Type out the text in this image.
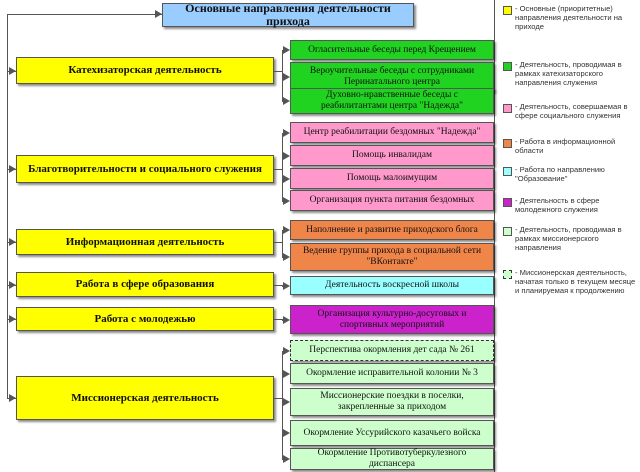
Основные направления деятельности прихода
Катехизаторская деятельность
Огласительные беседы перед Крещением
Вероучительные беседы с сотрудниками Перинатального центра
Духовно-нравственные беседы с реабилитантами центра "Надежда"
Благотворительности и социального служения
Центр реабилитации бездомных "Надежда"
Помощь инвалидам
Помощь малоимущим
Организация пункта питания бездомных
Информационная деятельность
Наполнение и развитие приходского блога
Ведение группы прихода в социальной сети "ВКонтакте"
Работа в сфере образования	Деятельность воскресной школы
Работа с молодежью	Организация культурно-досуговых и спортивных мероприятий
Миссионерская деятельность
Перспектива окормления дет сада № 261
Окормление исправительной колонии № 3
Миссионерские поездки в поселки, закрепленные за приходом
Окормление Уссурийского казачьего войска
Окормление Противотуберкулезного диспансера
- Основные (приоритетные) направления деятельности на приходе
- Деятельность, проводимая в рамках катехизаторского направления служения
- Деятельность, совершаемая в сфере социального служения
- Работа в информационной области
- Работа по направлению "Образование"
- Деятельность в сфере молодежного служения
- Деятельность, проводимая в рамках миссионерского направления
- Миссионерская деятельность, начатая только в текущем месяце и планируемая к продолжению
